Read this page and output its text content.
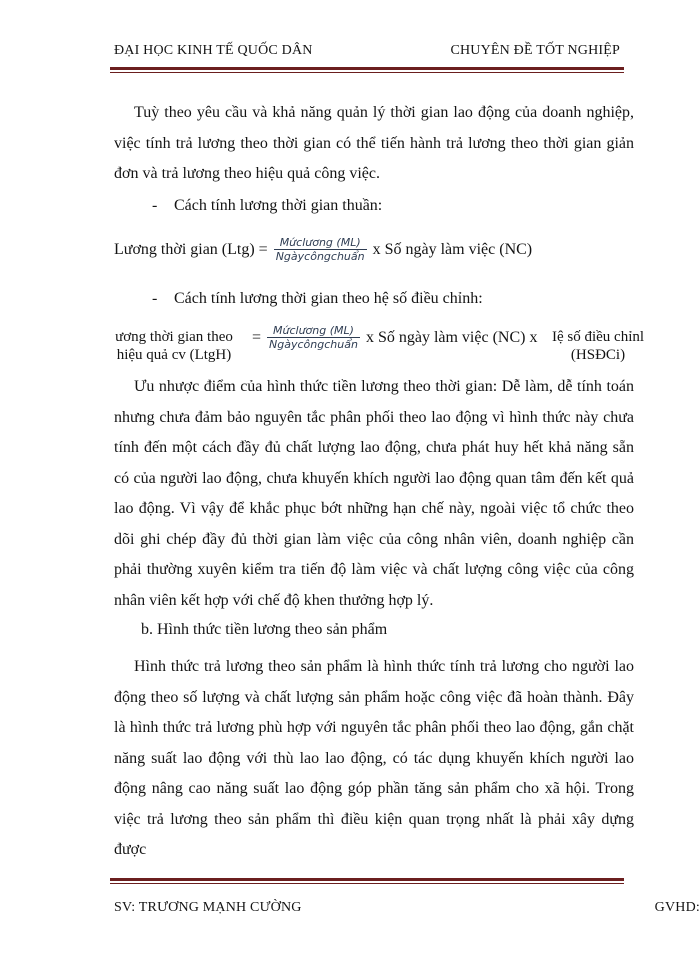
ĐẠI HỌC KINH TẾ QUỐC DÂN	CHUYÊN ĐỀ TỐT NGHIỆP
Tuỳ theo yêu cầu và khả năng quản lý thời gian lao động của doanh nghiệp, việc tính trả lương theo thời gian có thể tiến hành trả lương theo thời gian giản đơn và trả lương theo hiệu quả công việc.
- Cách tính lương thời gian thuần:
Lương thời gian $(Ltg) = \frac{\text{Mứclương (ML)}}{\text{Ngàycôngchuẩn}}$ x Số ngày làm việc (NC)
- Cách tính lương thời gian theo hệ số điều chỉnh:
ương thời gian theo
hiệu quả cv (LtgH)
= $\frac{\text{Mứclương (ML)}}{\text{Ngàycôngchuẩn}}$ x Số ngày làm việc (NC) x Iệ số điều chỉnl
(HSĐCi)
Ưu nhược điểm của hình thức tiền lương theo thời gian: Dễ làm, dễ tính toán nhưng chưa đảm bảo nguyên tắc phân phối theo lao động vì hình thức này chưa tính đến một cách đầy đủ chất lượng lao động, chưa phát huy hết khả năng sẵn có của người lao động, chưa khuyến khích người lao động quan tâm đến kết quả lao động. Vì vậy để khắc phục bớt những hạn chế này, ngoài việc tổ chức theo dõi ghi chép đầy đủ thời gian làm việc của công nhân viên, doanh nghiệp cần phải thường xuyên kiểm tra tiến độ làm việc và chất lượng công việc của công nhân viên kết hợp với chế độ khen thưởng hợp lý.
b. Hình thức tiền lương theo sản phẩm
Hình thức trả lương theo sản phẩm là hình thức tính trả lương cho người lao động theo số lượng và chất lượng sản phẩm hoặc công việc đã hoàn thành. Đây là hình thức trả lương phù hợp với nguyên tắc phân phối theo lao động, gắn chặt năng suất lao động với thù lao lao động, có tác dụng khuyến khích người lao động nâng cao năng suất lao động góp phần tăng sản phẩm cho xã hội. Trong việc trả lương theo sản phẩm thì điều kiện quan trọng nhất là phải xây dựng được
SV: TRƯƠNG MẠNH CƯỜNG	GVHD:
